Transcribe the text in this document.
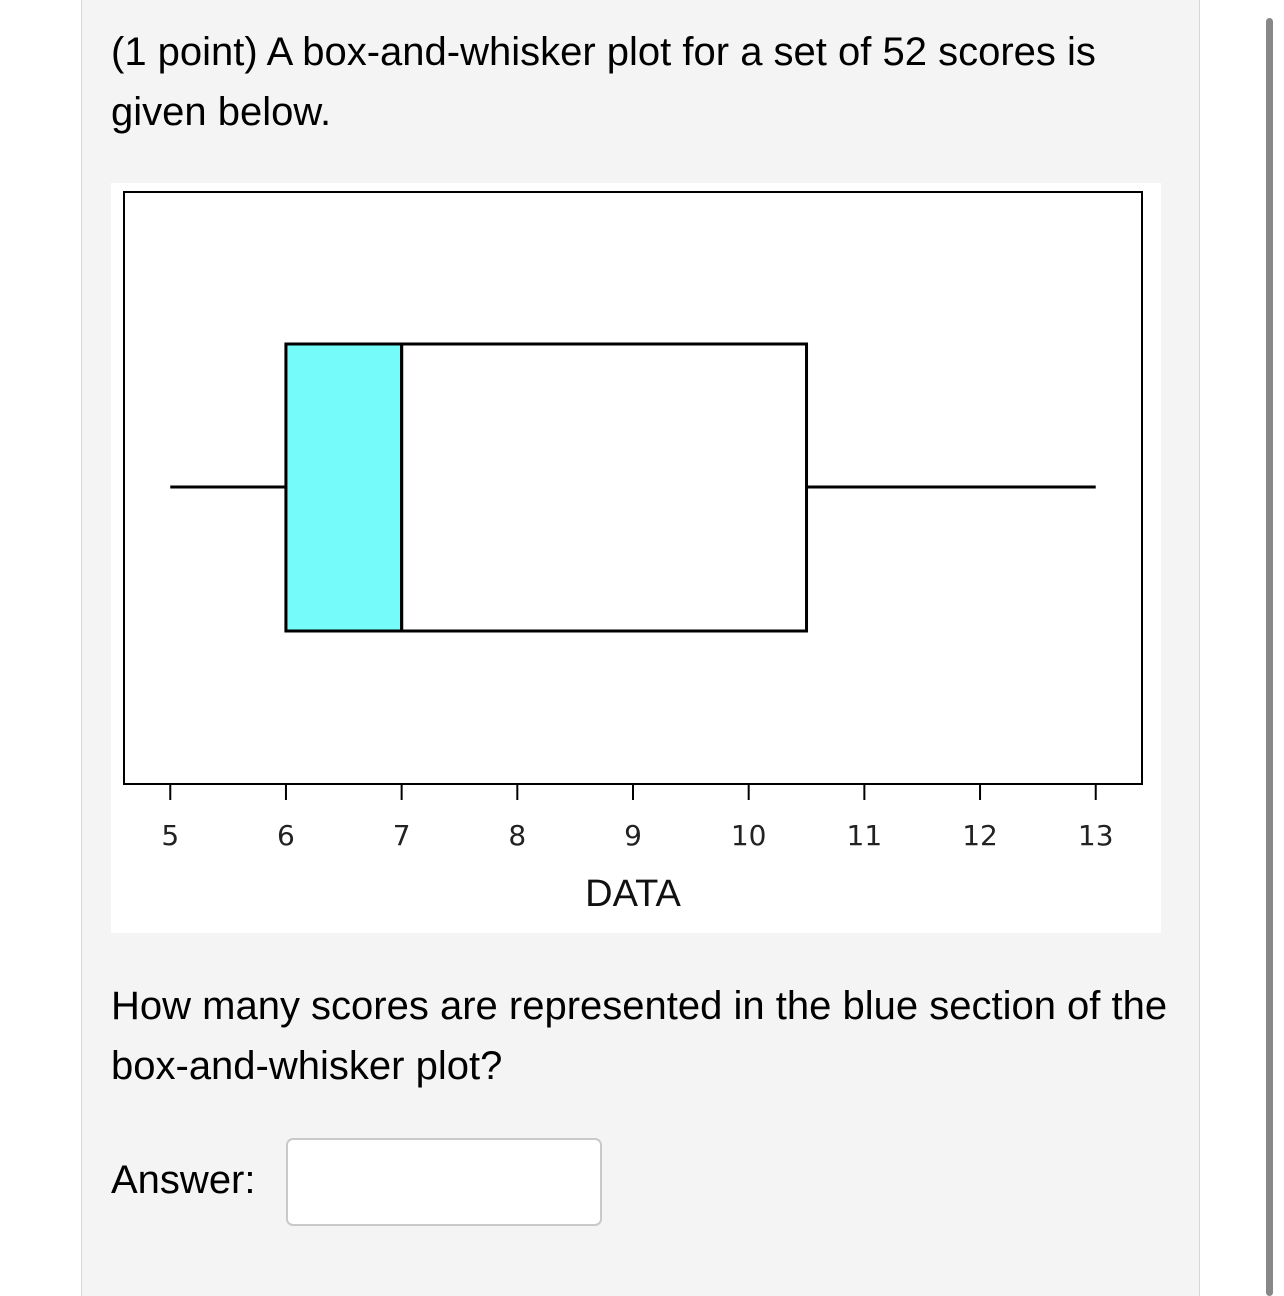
(1 point) A box-and-whisker plot for a set of 52 scores is given below.

5	6	7	8	9	10	11	12	13
DATA

How many scores are represented in the blue section of the box-and-whisker plot?

Answer:
